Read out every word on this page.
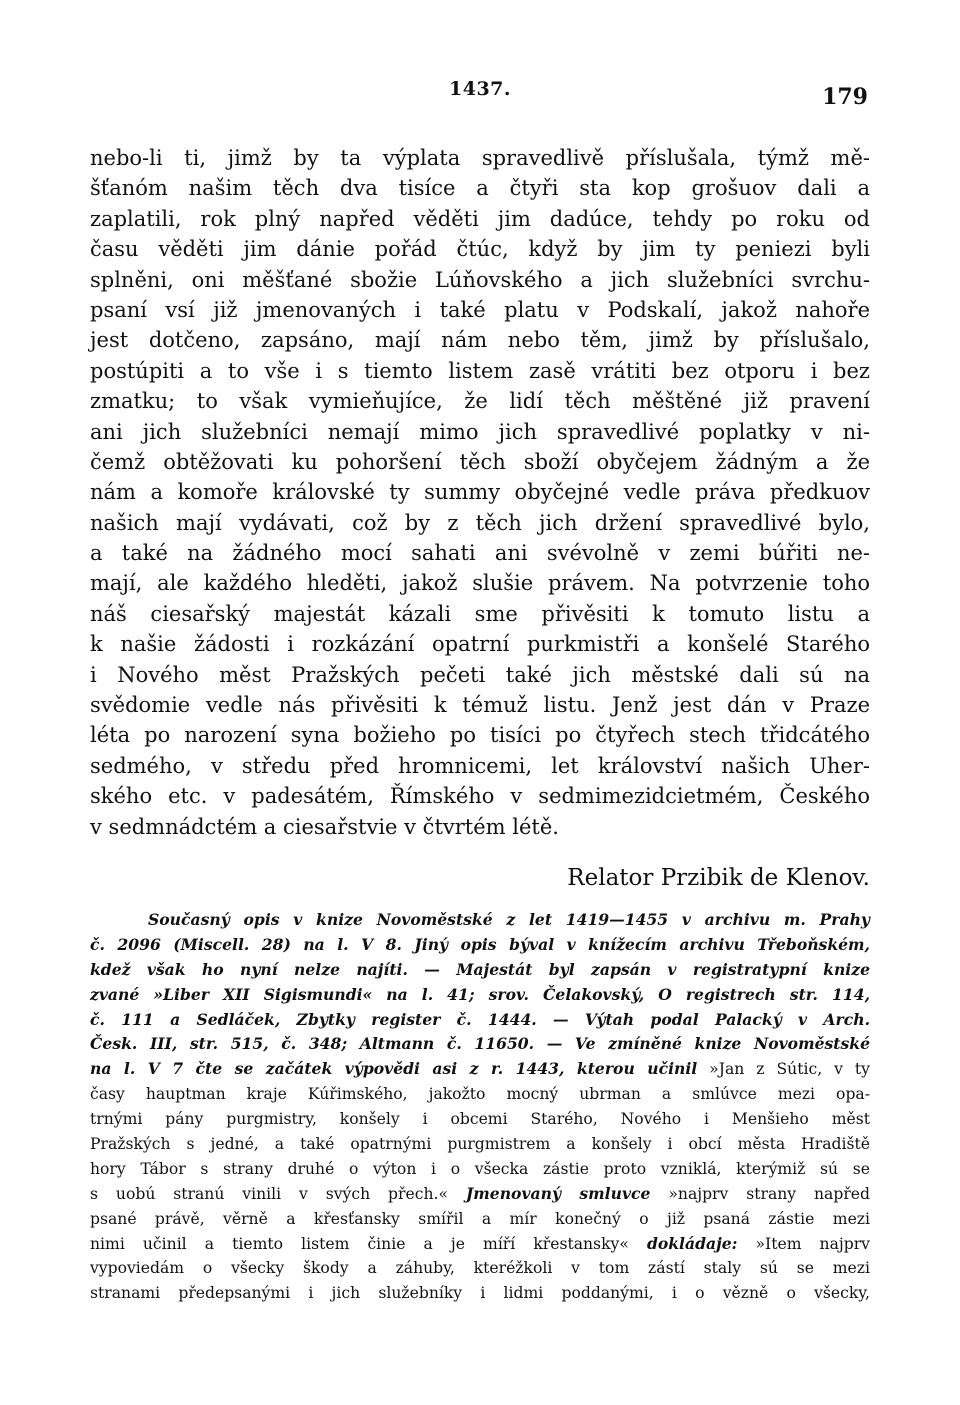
1437.	179
nebo-li ti, jimž by ta výplata spravedlivě příslušala, týmž mě-
šťanóm našim těch dva tisíce a čtyři sta kop grošuov dali a
zaplatili, rok plný napřed věděti jim dadúce, tehdy po roku od
času věděti jim dánie pořád čtúc, když by jim ty peniezi byli
splněni, oni měšťané sbožie Lúňovského a jich služebníci svrchu-
psaní vsí již jmenovaných i také platu v Podskalí, jakož nahoře
jest dotčeno, zapsáno, mají nám nebo těm, jimž by příslušalo,
postúpiti a to vše i s tiemto listem zasě vrátiti bez otporu i bez
zmatku; to však vymieňujíce, že lidí těch měštěné již pravení
ani jich služebníci nemají mimo jich spravedlivé poplatky v ni-
čemž obtěžovati ku pohoršení těch sboží obyčejem žádným a že
nám a komoře královské ty summy obyčejné vedle práva předkuov
našich mají vydávati, což by z těch jich držení spravedlivé bylo,
a také na žádného mocí sahati ani svévolně v zemi búřiti ne-
mají, ale každého hleděti, jakož slušie právem. Na potvrzenie toho
náš ciesařský majestát kázali sme přivěsiti k tomuto listu a
k našie žádosti i rozkázání opatrní purkmistři a konšelé Starého
i Nového měst Pražských pečeti také jich městské dali sú na
svědomie vedle nás přivěsiti k témuž listu. Jenž jest dán v Praze
léta po narození syna božieho po tisíci po čtyřech stech třidcátého
sedmého, v středu před hromnicemi, let království našich Uher-
ského etc. v padesátém, Římského v sedmimezidcietmém, Českého
v sedmnádctém a ciesařstvie v čtvrtém létě.
Relator Przibik de Klenov.
Současný opis v knize Novoměstské z let 1419—1455 v archivu m. Prahy
č. 2096 (Miscell. 28) na l. V 8. Jiný opis býval v knížecím archivu Třeboňském,
kdež však ho nyní nelze najíti. — Majestát byl zapsán v registratурní knize
zvané »Liber XII Sigismundi« na l. 41; srov. Čelakovský, O registrech str. 114,
č. 111 a Sedláček, Zbytky register č. 1444. — Výtah podal Palacký v Arch.
Česk. III, str. 515, č. 348; Altmann č. 11650. — Ve zmíněné knize Novoměstské
na l. V 7 čte se začátek výpovědi asi z r. 1443, kterou učinil »Jan z Sútic, v ty
časy hauptman kraje Kúřimského, jakožto mocný ubrman a smlúvce mezi opa-
trnými pány purgmistry, konšely i obcemi Starého, Nového i Menšieho měst
Pražských s jedné, a také opatrnými purgmistrem a konšely i obcí města Hradiště
hory Tábor s strany druhé o výton i o všecka zástie proto vzniklá, kterýmiž sú se
s uobú stranú vinili v svých přech.« Jmenovaný smluvce »najprv strany napřed
psané právě, věrně a křesťansky smířil a mír konečný o již psaná zástie mezi
nimi učinil a tiemto listem činie a je míří křestansky« dokládaje: »Item najprv
vypoviedám o všecky škody a záhuby, kteréžkoli v tom zástí staly sú se mezi
stranami předepsanými i jich služebníky i lidmi poddanými, i o vězně o všecky,
